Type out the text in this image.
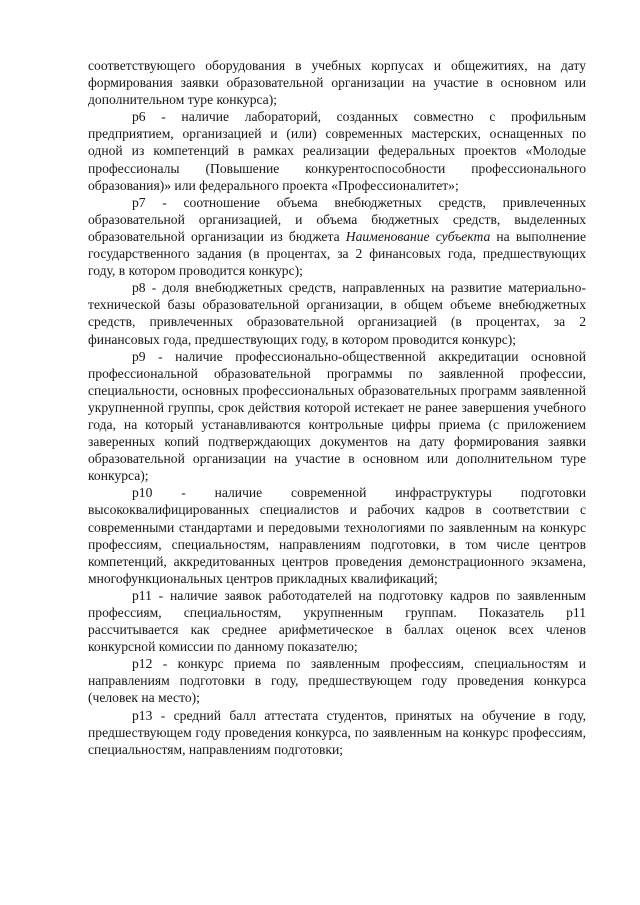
соответствующего оборудования в учебных корпусах и общежитиях, на дату формирования заявки образовательной организации на участие в основном или дополнительном туре конкурса);

р6 - наличие лабораторий, созданных совместно с профильным предприятием, организацией и (или) современных мастерских, оснащенных по одной из компетенций в рамках реализации федеральных проектов «Молодые профессионалы (Повышение конкурентоспособности профессионального образования)» или федерального проекта «Профессионалитет»;

р7 - соотношение объема внебюджетных средств, привлеченных образовательной организацией, и объема бюджетных средств, выделенных образовательной организации из бюджета Наименование субъекта на выполнение государственного задания (в процентах, за 2 финансовых года, предшествующих году, в котором проводится конкурс);

р8 - доля внебюджетных средств, направленных на развитие материально-технической базы образовательной организации, в общем объеме внебюджетных средств, привлеченных образовательной организацией (в процентах, за 2 финансовых года, предшествующих году, в котором проводится конкурс);

р9 - наличие профессионально-общественной аккредитации основной профессиональной образовательной программы по заявленной профессии, специальности, основных профессиональных образовательных программ заявленной укрупненной группы, срок действия которой истекает не ранее завершения учебного года, на который устанавливаются контрольные цифры приема (с приложением заверенных копий подтверждающих документов на дату формирования заявки образовательной организации на участие в основном или дополнительном туре конкурса);

р10 - наличие современной инфраструктуры подготовки высококвалифицированных специалистов и рабочих кадров в соответствии с современными стандартами и передовыми технологиями по заявленным на конкурс профессиям, специальностям, направлениям подготовки, в том числе центров компетенций, аккредитованных центров проведения демонстрационного экзамена, многофункциональных центров прикладных квалификаций;

р11 - наличие заявок работодателей на подготовку кадров по заявленным профессиям, специальностям, укрупненным группам. Показатель р11 рассчитывается как среднее арифметическое в баллах оценок всех членов конкурсной комиссии по данному показателю;

р12 - конкурс приема по заявленным профессиям, специальностям и направлениям подготовки в году, предшествующем году проведения конкурса (человек на место);

р13 - средний балл аттестата студентов, принятых на обучение в году, предшествующем году проведения конкурса, по заявленным на конкурс профессиям, специальностям, направлениям подготовки;
